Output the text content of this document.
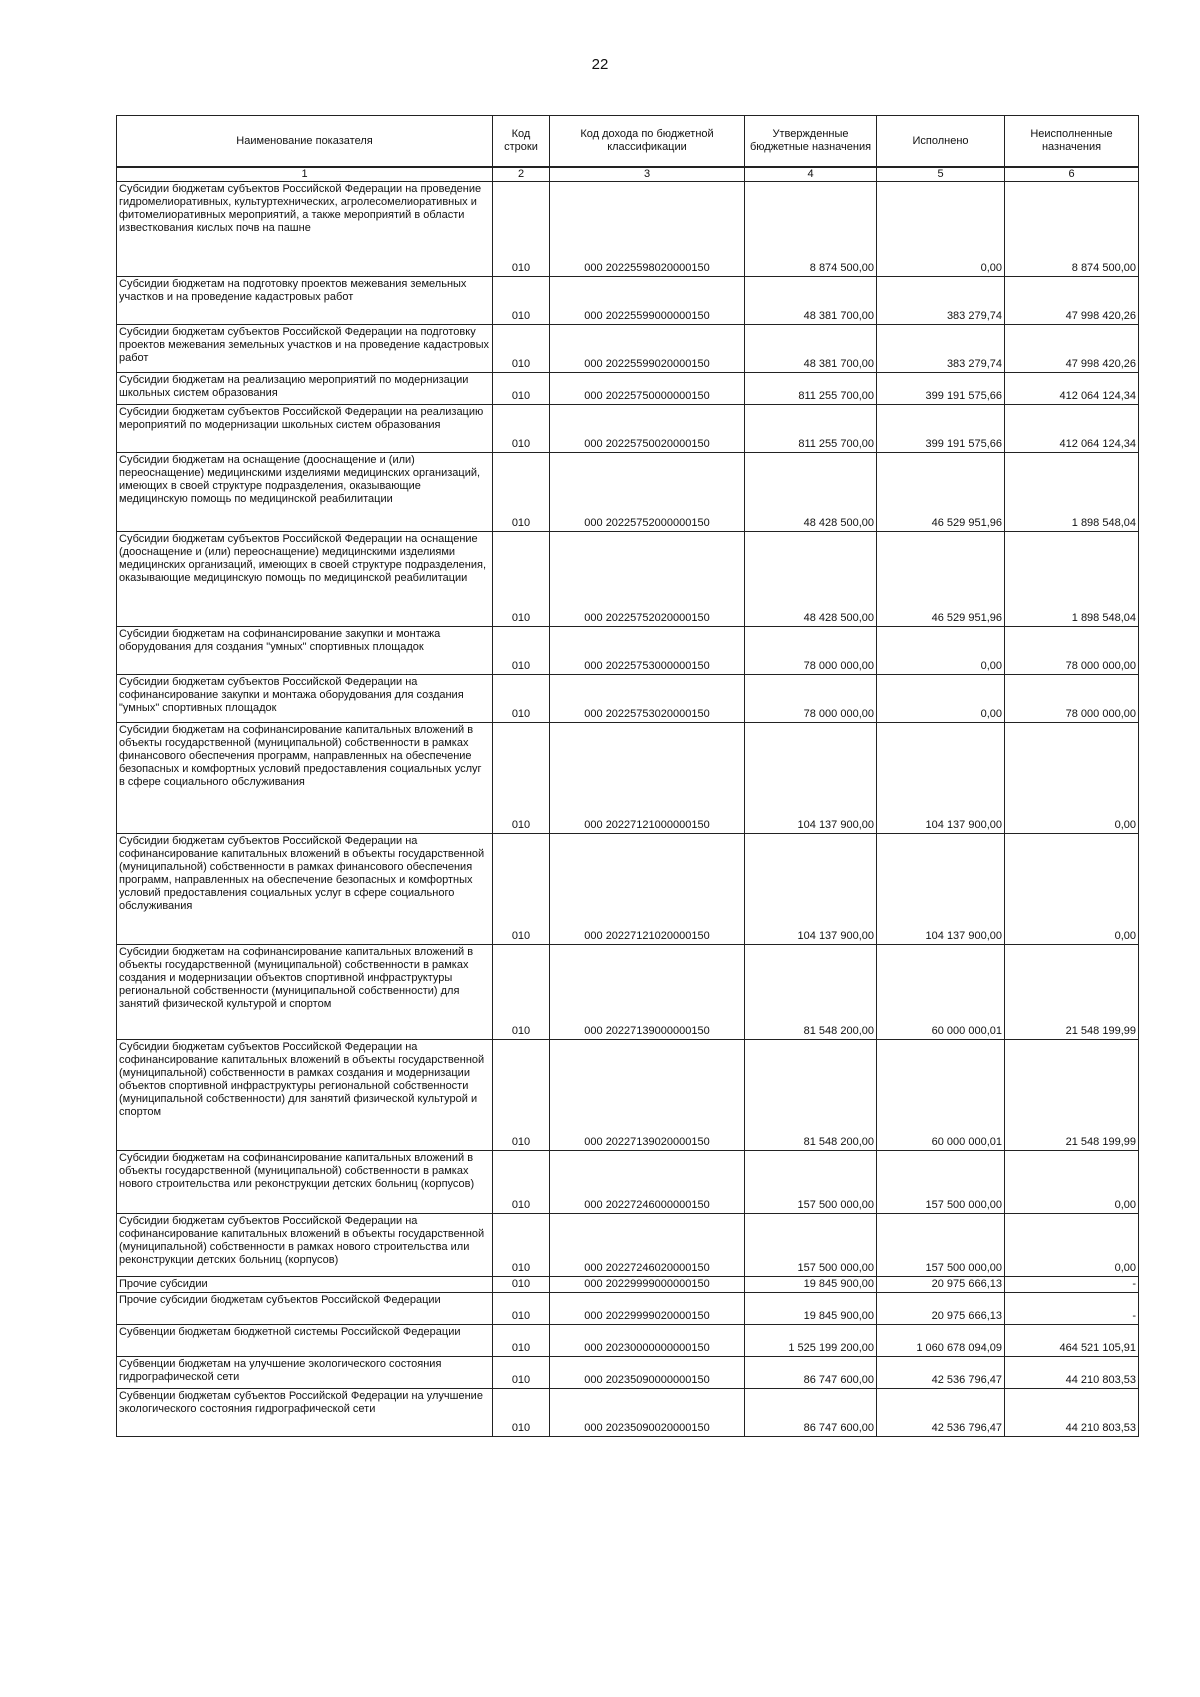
22
Наименование показателя	Код строки	Код дохода по бюджетной классификации	Утвержденные бюджетные назначения	Исполнено	Неисполненные назначения
1	2	3	4	5	6
Субсидии бюджетам субъектов Российской Федерации на проведение гидромелиоративных, культуртехнических, агролесомелиоративных и фитомелиоративных мероприятий, а также мероприятий в области известкования кислых почв на пашне	010	000 20225598020000150	8 874 500,00	0,00	8 874 500,00
Субсидии бюджетам на подготовку проектов межевания земельных участков и на проведение кадастровых работ	010	000 20225599000000150	48 381 700,00	383 279,74	47 998 420,26
Субсидии бюджетам субъектов Российской Федерации на подготовку проектов межевания земельных участков и на проведение кадастровых работ	010	000 20225599020000150	48 381 700,00	383 279,74	47 998 420,26
Субсидии бюджетам на реализацию мероприятий по модернизации школьных систем образования	010	000 20225750000000150	811 255 700,00	399 191 575,66	412 064 124,34
Субсидии бюджетам субъектов Российской Федерации на реализацию мероприятий по модернизации школьных систем образования	010	000 20225750020000150	811 255 700,00	399 191 575,66	412 064 124,34
Субсидии бюджетам на оснащение (дооснащение и (или) переоснащение) медицинскими изделиями медицинских организаций, имеющих в своей структуре подразделения, оказывающие медицинскую помощь по медицинской реабилитации	010	000 20225752000000150	48 428 500,00	46 529 951,96	1 898 548,04
Субсидии бюджетам субъектов Российской Федерации на оснащение (дооснащение и (или) переоснащение) медицинскими изделиями медицинских организаций, имеющих в своей структуре подразделения, оказывающие медицинскую помощь по медицинской реабилитации	010	000 20225752020000150	48 428 500,00	46 529 951,96	1 898 548,04
Субсидии бюджетам на софинансирование закупки и монтажа оборудования для создания "умных" спортивных площадок	010	000 20225753000000150	78 000 000,00	0,00	78 000 000,00
Субсидии бюджетам субъектов Российской Федерации на софинансирование закупки и монтажа оборудования для создания "умных" спортивных площадок	010	000 20225753020000150	78 000 000,00	0,00	78 000 000,00
Субсидии бюджетам на софинансирование капитальных вложений в объекты государственной (муниципальной) собственности в рамках финансового обеспечения программ, направленных на обеспечение безопасных и комфортных условий предоставления социальных услуг в сфере социального обслуживания	010	000 20227121000000150	104 137 900,00	104 137 900,00	0,00
Субсидии бюджетам субъектов Российской Федерации на софинансирование капитальных вложений в объекты государственной (муниципальной) собственности в рамках финансового обеспечения программ, направленных на обеспечение безопасных и комфортных условий предоставления социальных услуг в сфере социального обслуживания	010	000 20227121020000150	104 137 900,00	104 137 900,00	0,00
Субсидии бюджетам на софинансирование капитальных вложений в объекты государственной (муниципальной) собственности в рамках создания и модернизации объектов спортивной инфраструктуры региональной собственности (муниципальной собственности) для занятий физической культурой и спортом	010	000 20227139000000150	81 548 200,00	60 000 000,01	21 548 199,99
Субсидии бюджетам субъектов Российской Федерации на софинансирование капитальных вложений в объекты государственной (муниципальной) собственности в рамках создания и модернизации объектов спортивной инфраструктуры региональной собственности (муниципальной собственности) для занятий физической культурой и спортом	010	000 20227139020000150	81 548 200,00	60 000 000,01	21 548 199,99
Субсидии бюджетам на софинансирование капитальных вложений в объекты государственной (муниципальной) собственности в рамках нового строительства или реконструкции детских больниц (корпусов)	010	000 20227246000000150	157 500 000,00	157 500 000,00	0,00
Субсидии бюджетам субъектов Российской Федерации на софинансирование капитальных вложений в объекты государственной (муниципальной) собственности в рамках нового строительства или реконструкции детских больниц (корпусов)	010	000 20227246020000150	157 500 000,00	157 500 000,00	0,00
Прочие субсидии	010	000 20229999000000150	19 845 900,00	20 975 666,13	-
Прочие субсидии бюджетам субъектов Российской Федерации	010	000 20229999020000150	19 845 900,00	20 975 666,13	-
Субвенции бюджетам бюджетной системы Российской Федерации	010	000 20230000000000150	1 525 199 200,00	1 060 678 094,09	464 521 105,91
Субвенции бюджетам на улучшение экологического состояния гидрографической сети	010	000 20235090000000150	86 747 600,00	42 536 796,47	44 210 803,53
Субвенции бюджетам субъектов Российской Федерации на улучшение экологического состояния гидрографической сети	010	000 20235090020000150	86 747 600,00	42 536 796,47	44 210 803,53
